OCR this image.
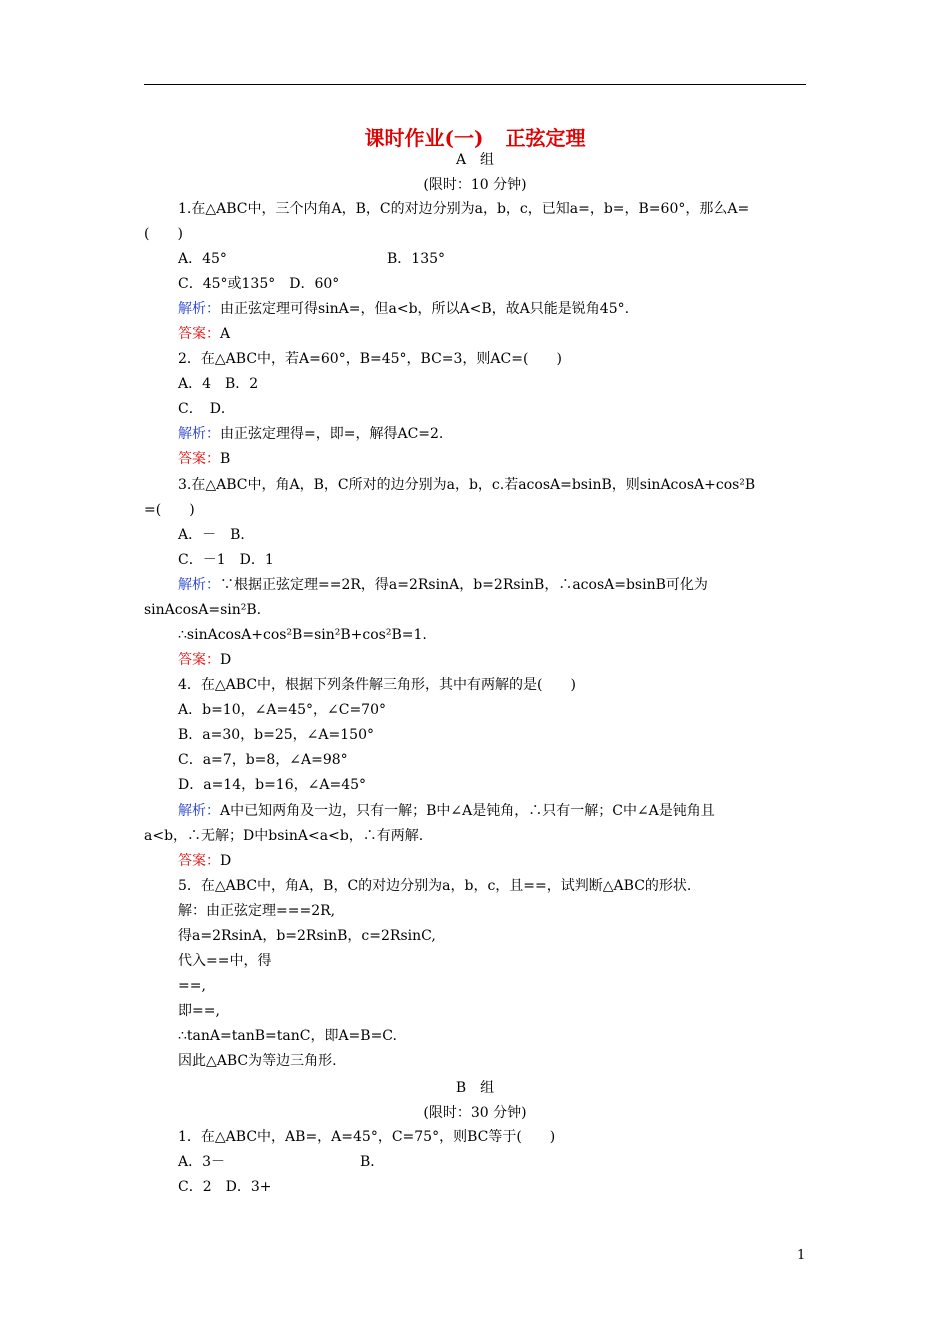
课时作业(一) 正弦定理
A　组
(限时：10 分钟)
1.在△ABC中，三个内角A，B，C的对边分别为a，b，c，已知a=，b=，B=60°，那么A=
(　　)
A．45°	B．135°
C．45°或135°　D．60°
解析：由正弦定理可得sinA=，但a<b，所以A<B，故A只能是锐角45°.
答案：A
2．在△ABC中，若A=60°，B=45°，BC=3，则AC=(　　)
A．4　B．2
C．　D．
解析：由正弦定理得=，即=，解得AC=2.
答案：B
3.在△ABC中，角A，B，C所对的边分别为a，b，c.若acosA=bsinB，则sinAcosA+cos²B
=(　　)
A．－　B．
C．－1　D．1
解析：∵根据正弦定理==2R，得a=2RsinA，b=2RsinB，∴acosA=bsinB可化为
sinAcosA=sin²B.
∴sinAcosA+cos²B=sin²B+cos²B=1.
答案：D
4．在△ABC中，根据下列条件解三角形，其中有两解的是(　　)
A．b=10，∠A=45°，∠C=70°
B．a=30，b=25，∠A=150°
C．a=7，b=8，∠A=98°
D．a=14，b=16，∠A=45°
解析：A中已知两角及一边，只有一解；B中∠A是钝角，∴只有一解；C中∠A是钝角且
a<b，∴无解；D中bsinA<a<b，∴有两解.
答案：D
5．在△ABC中，角A，B，C的对边分别为a，b，c，且==，试判断△ABC的形状.
解：由正弦定理===2R,
得a=2RsinA，b=2RsinB，c=2RsinC,
代入==中，得
==,
即==,
∴tanA=tanB=tanC，即A=B=C.
因此△ABC为等边三角形.
B　组
(限时：30 分钟)
1．在△ABC中，AB=，A=45°，C=75°，则BC等于(　　)
A．3－	B．
C．2　D．3+
1
